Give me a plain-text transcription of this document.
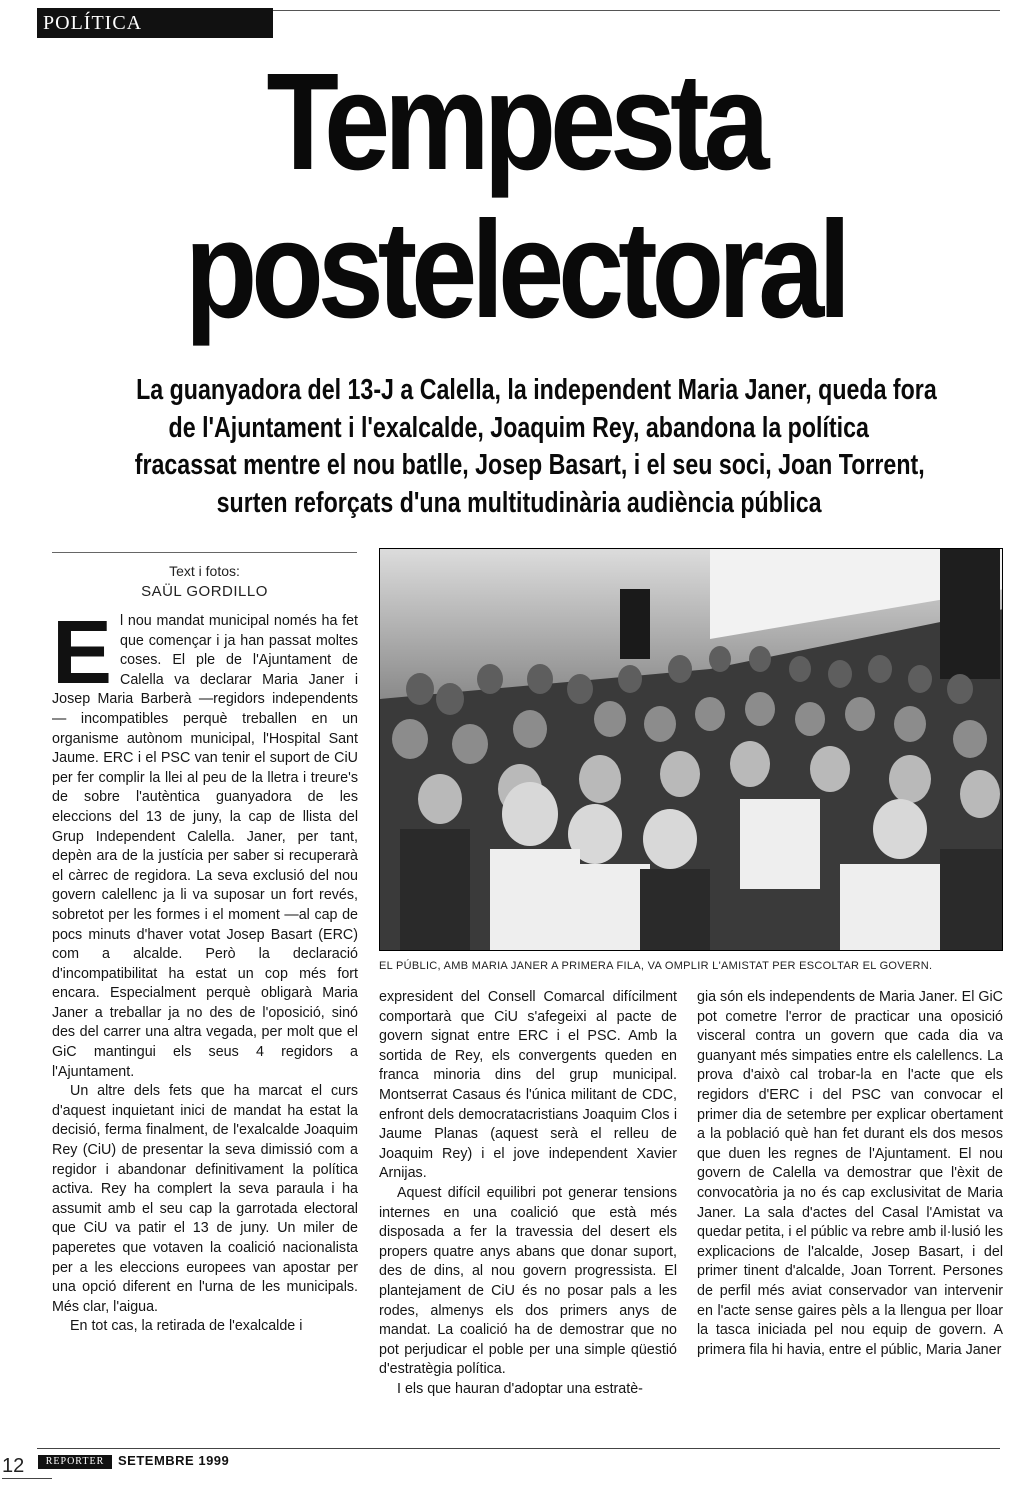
POLÍTICA
Tempesta
postelectoral
La guanyadora del 13-J a Calella, la independent Maria Janer, queda fora
de l'Ajuntament i l'exalcalde, Joaquim Rey, abandona la política
fracassat mentre el nou batlle, Josep Basart, i el seu soci, Joan Torrent,
surten reforçats d'una multitudinària audiència pública
Text i fotos:
SAÜL GORDILLO

El nou mandat municipal només ha fet que començar i ja han passat moltes coses. El ple de l'Ajuntament de Calella va declarar Maria Janer i Josep Maria Barberà —regidors independents— incompatibles perquè treballen en un organisme autònom municipal, l'Hospital Sant Jaume. ERC i el PSC van tenir el suport de CiU per fer complir la llei al peu de la lletra i treure's de sobre l'autèntica guanyadora de les eleccions del 13 de juny, la cap de llista del Grup Independent Calella. Janer, per tant, depèn ara de la justícia per saber si recuperarà el càrrec de regidora. La seva exclusió del nou govern calellenc ja li va suposar un fort revés, sobretot per les formes i el moment —al cap de pocs minuts d'haver votat Josep Basart (ERC) com a alcalde. Però la declaració d'incompatibilitat ha estat un cop més fort encara. Especialment perquè obligarà Maria Janer a treballar ja no des de l'oposició, sinó des del carrer una altra vegada, per molt que el GiC mantingui els seus 4 regidors a l'Ajuntament.

Un altre dels fets que ha marcat el curs d'aquest inquietant inici de mandat ha estat la decisió, ferma finalment, de l'exalcalde Joaquim Rey (CiU) de presentar la seva dimissió com a regidor i abandonar definitivament la política activa. Rey ha complert la seva paraula i ha assumit amb el seu cap la garrotada electoral que CiU va patir el 13 de juny. Un miler de paperetes que votaven la coalició nacionalista per a les eleccions europees van apostar per una opció diferent en l'urna de les municipals. Més clar, l'aigua.

En tot cas, la retirada de l'exalcalde i

EL PÚBLIC, AMB MARIA JANER A PRIMERA FILA, VA OMPLIR L'AMISTAT PER ESCOLTAR EL GOVERN.

expresident del Consell Comarcal difícilment comportarà que CiU s'afegeixi al pacte de govern signat entre ERC i el PSC. Amb la sortida de Rey, els convergents queden en franca minoria dins del grup municipal. Montserrat Casaus és l'única militant de CDC, enfront dels democratacristians Joaquim Clos i Jaume Planas (aquest serà el relleu de Joaquim Rey) i el jove independent Xavier Arnijas.

Aquest difícil equilibri pot generar tensions internes en una coalició que està més disposada a fer la travessia del desert els propers quatre anys abans que donar suport, des de dins, al nou govern progressista. El plantejament de CiU és no posar pals a les rodes, almenys els dos primers anys de mandat. La coalició ha de demostrar que no pot perjudicar el poble per una simple qüestió d'estratègia política.

I els que hauran d'adoptar una estratè-

gia són els independents de Maria Janer. El GiC pot cometre l'error de practicar una oposició visceral contra un govern que cada dia va guanyant més simpaties entre els calellencs. La prova d'això cal trobar-la en l'acte que els regidors d'ERC i del PSC van convocar el primer dia de setembre per explicar obertament a la població què han fet durant els dos mesos que duen les regnes de l'Ajuntament. El nou govern de Calella va demostrar que l'èxit de convocatòria ja no és cap exclusivitat de Maria Janer. La sala d'actes del Casal l'Amistat va quedar petita, i el públic va rebre amb il·lusió les explicacions de l'alcalde, Josep Basart, i del primer tinent d'alcalde, Joan Torrent. Persones de perfil més aviat conservador van intervenir en l'acte sense gaires pèls a la llengua per lloar la tasca iniciada pel nou equip de govern. A primera fila hi havia, entre el públic, Maria Janer

12	REPORTER	SETEMBRE 1999
